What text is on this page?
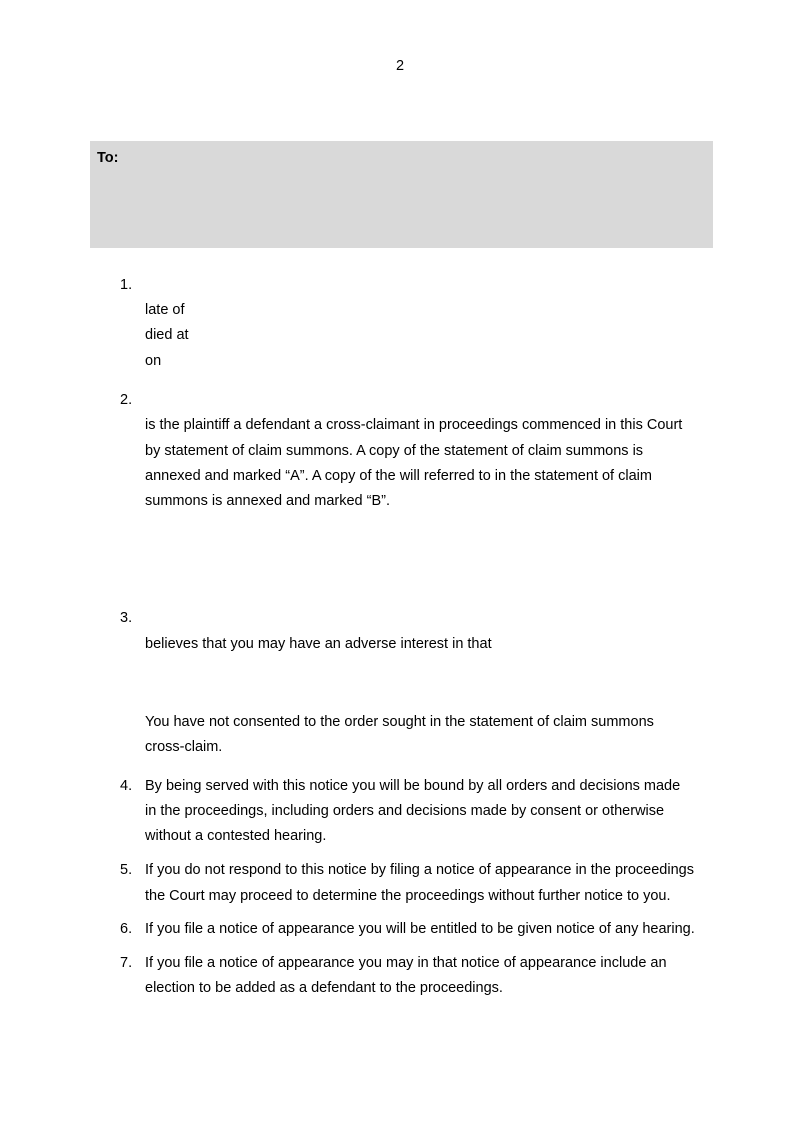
2
To:
1.
late of
died at
on
2.
is the plaintiff a defendant a cross-claimant in proceedings commenced in this Court
by statement of claim summons. A copy of the statement of claim summons is
annexed and marked “A”. A copy of the will referred to in the statement of claim
summons is annexed and marked “B”.
3.
believes that you may have an adverse interest in that
You have not consented to the order sought in the statement of claim summons
cross-claim.
4. By being served with this notice you will be bound by all orders and decisions made
in the proceedings, including orders and decisions made by consent or otherwise
without a contested hearing.
5. If you do not respond to this notice by filing a notice of appearance in the proceedings
the Court may proceed to determine the proceedings without further notice to you.
6. If you file a notice of appearance you will be entitled to be given notice of any hearing.
7. If you file a notice of appearance you may in that notice of appearance include an
election to be added as a defendant to the proceedings.
